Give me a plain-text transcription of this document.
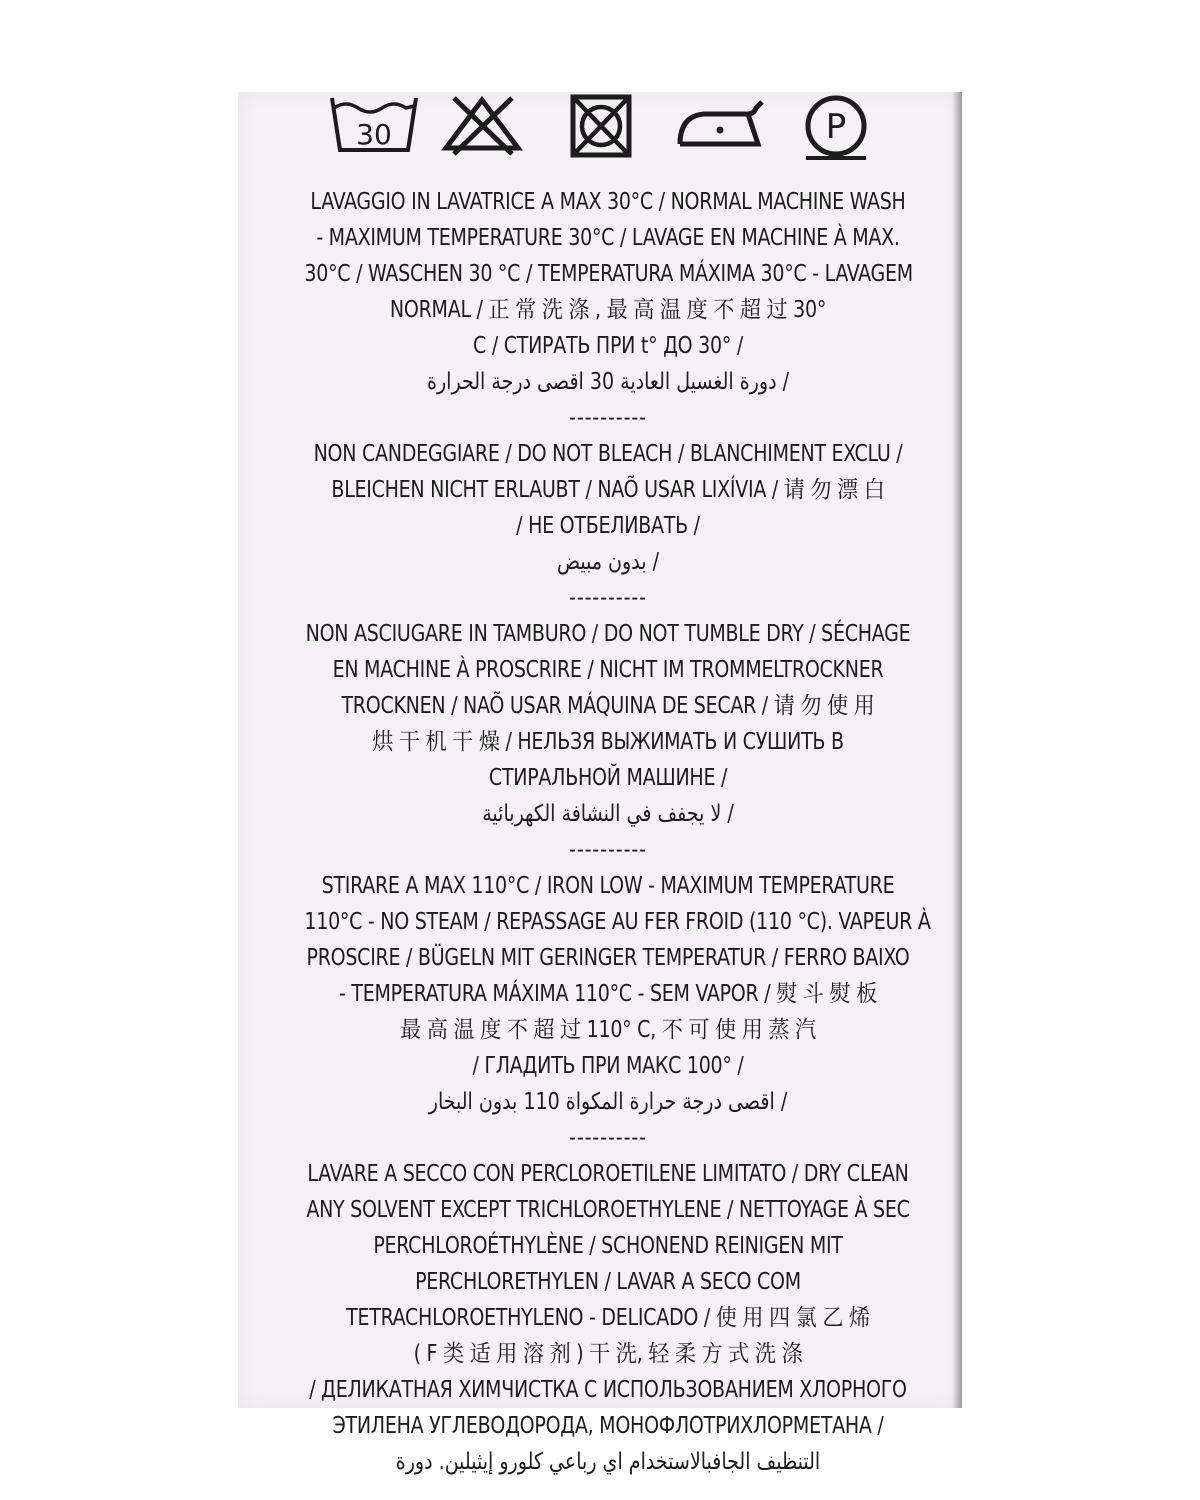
30	P
LAVAGGIO IN LAVATRICE A MAX 30°C / NORMAL MACHINE WASH
- MAXIMUM TEMPERATURE 30°C / LAVAGE EN MACHINE À MAX.
30°C / WASCHEN 30 °C / TEMPERATURA MÁXIMA 30°C - LAVAGEM
NORMAL / 正 常 洗 涤 , 最 高 温 度 不 超 过 30°
C / СТИРАТЬ ПРИ t° ДО 30° /
/ دورة الغسيل العادية 30 اقصى درجة الحرارة
----------
NON CANDEGGIARE / DO NOT BLEACH / BLANCHIMENT EXCLU /
BLEICHEN NICHT ERLAUBT / NAÕ USAR LIXÍVIA / 请 勿 漂 白
/ НЕ ОТБЕЛИВАТЬ /
/ بدون مبيض
----------
NON ASCIUGARE IN TAMBURO / DO NOT TUMBLE DRY / SÉCHAGE
EN MACHINE À PROSCRIRE / NICHT IM TROMMELTROCKNER
TROCKNEN / NAÕ USAR MÁQUINA DE SECAR / 请 勿 使 用
烘 干 机 干 燥 / НЕЛЬЗЯ ВЫЖИМАТЬ И СУШИТЬ В
СТИРАЛЬНОЙ МАШИНЕ /
/ لا يجفف في النشافة الكهربائية
----------
STIRARE A MAX 110°C / IRON LOW - MAXIMUM TEMPERATURE
110°C - NO STEAM / REPASSAGE AU FER FROID (110 °C). VAPEUR À
PROSCIRE / BÜGELN MIT GERINGER TEMPERATUR / FERRO BAIXO
- TEMPERATURA MÁXIMA 110°C - SEM VAPOR / 熨 斗 熨 板
最 高 温 度 不 超 过 110° C, 不 可 使 用 蒸 汽
/ ГЛАДИТЬ ПРИ МАКС 100° /
/ اقصى درجة حرارة المكواة 110 بدون البخار
----------
LAVARE A SECCO CON PERCLOROETILENE LIMITATO / DRY CLEAN
ANY SOLVENT EXCEPT TRICHLOROETHYLENE / NETTOYAGE À SEC
PERCHLOROÉTHYLÈNE / SCHONEND REINIGEN MIT
PERCHLORETHYLEN / LAVAR A SECO COM
TETRACHLOROETHYLENO - DELICADO / 使 用 四 氯 乙 烯
( F 类 适 用 溶 剂 ) 干 洗, 轻 柔 方 式 洗 涤
/ ДЕЛИКАТНАЯ ХИМЧИСТКА С ИСПОЛЬЗОВАНИЕМ ХЛОРНОГО
ЭТИЛЕНА УГЛЕВОДОРОДА, МОНОФЛОТРИХЛОРМЕТАНА /
التنظيف الجافبالاستخدام اي رباعي كلورو إيثيلين. دورة
